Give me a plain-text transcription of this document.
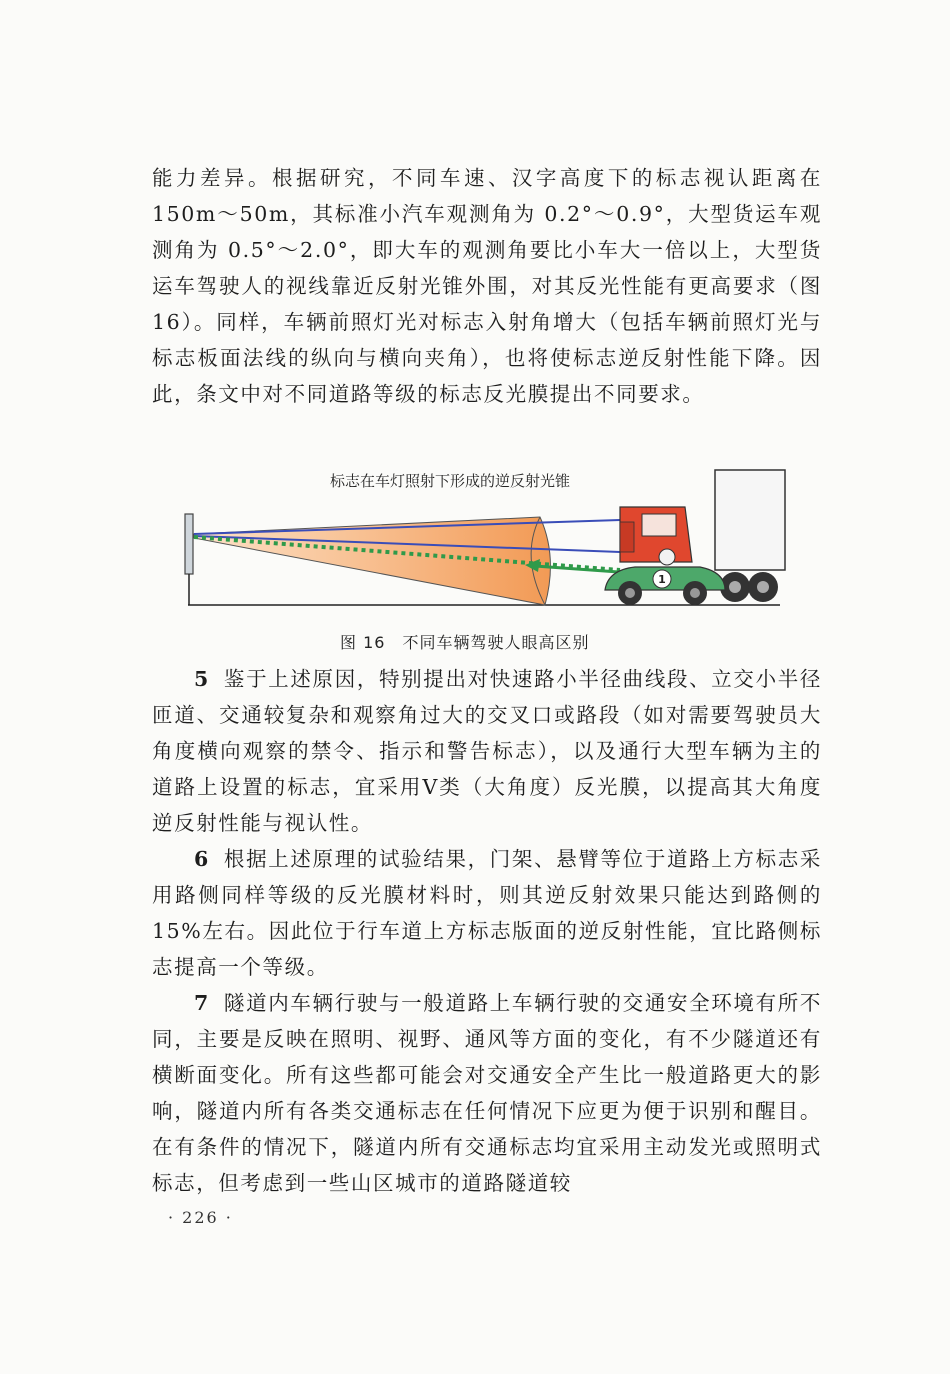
能力差异。根据研究，不同车速、汉字高度下的标志视认距离在150m～50m，其标准小汽车观测角为 0.2°～0.9°，大型货运车观测角为 0.5°～2.0°，即大车的观测角要比小车大一倍以上，大型货运车驾驶人的视线靠近反射光锥外围，对其反光性能有更高要求（图 16）。同样，车辆前照灯光对标志入射角增大（包括车辆前照灯光与标志板面法线的纵向与横向夹角），也将使标志逆反射性能下降。因此，条文中对不同道路等级的标志反光膜提出不同要求。

标志在车灯照射下形成的逆反射光锥
1
图 16　不同车辆驾驶人眼高区别

5 鉴于上述原因，特别提出对快速路小半径曲线段、立交小半径匝道、交通较复杂和观察角过大的交叉口或路段（如对需要驾驶员大角度横向观察的禁令、指示和警告标志），以及通行大型车辆为主的道路上设置的标志，宜采用Ⅴ类（大角度）反光膜，以提高其大角度逆反射性能与视认性。

6 根据上述原理的试验结果，门架、悬臂等位于道路上方标志采用路侧同样等级的反光膜材料时，则其逆反射效果只能达到路侧的 15%左右。因此位于行车道上方标志版面的逆反射性能，宜比路侧标志提高一个等级。

7 隧道内车辆行驶与一般道路上车辆行驶的交通安全环境有所不同，主要是反映在照明、视野、通风等方面的变化，有不少隧道还有横断面变化。所有这些都可能会对交通安全产生比一般道路更大的影响，隧道内所有各类交通标志在任何情况下应更为便于识别和醒目。在有条件的情况下，隧道内所有交通标志均宜采用主动发光或照明式标志，但考虑到一些山区城市的道路隧道较

· 226 ·
